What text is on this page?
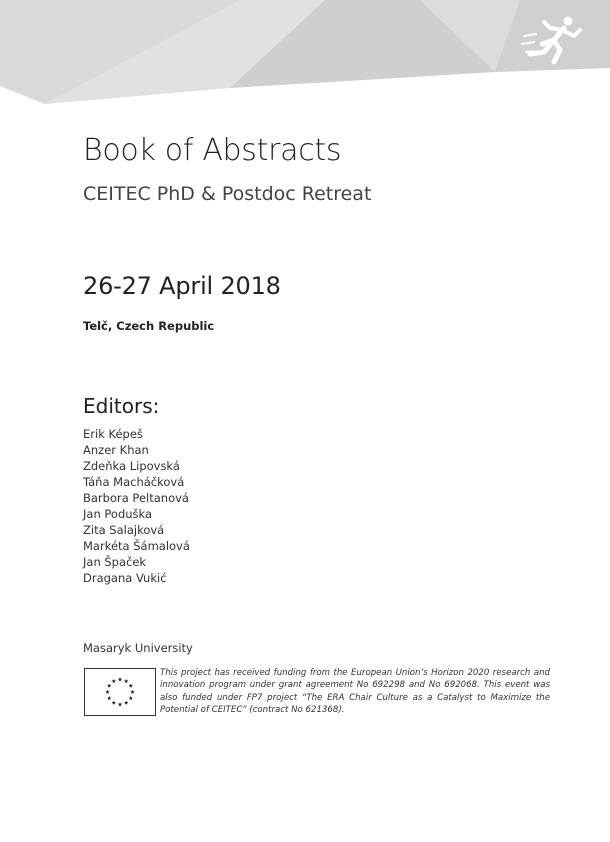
Book of Abstracts
CEITEC PhD & Postdoc Retreat
26-27 April 2018
Telč, Czech Republic
Editors:
Erik Képeš
Anzer Khan
Zdeňka Lipovská
Táňa Macháčková
Barbora Peltanová
Jan Poduška
Zita Salajková
Markéta Šámalová
Jan Špaček
Dragana Vukić
Masaryk University

This project has received funding from the European Union’s Horizon 2020 research and innovation program under grant agreement No 692298 and No 692068. This event was also funded under FP7 project “The ERA Chair Culture as a Catalyst to Maximize the Potential of CEITEC” (contract No 621368).
